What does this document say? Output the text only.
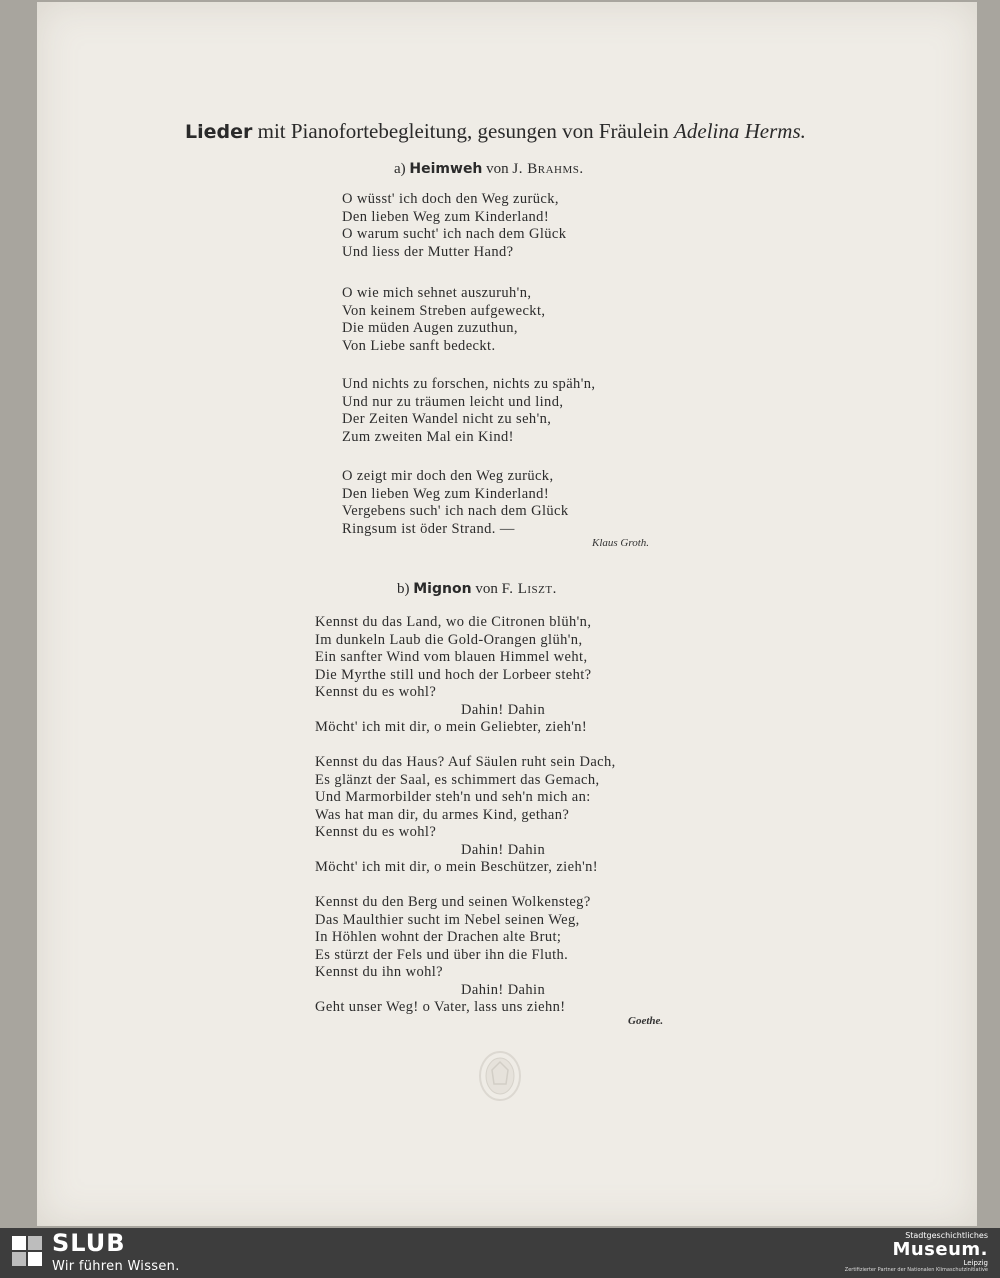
Lieder mit Pianofortebegleitung, gesungen von Fräulein Adelina Herms.
a) Heimweh von J. Brahms.
O wüsst' ich doch den Weg zurück,
Den lieben Weg zum Kinderland!
O warum sucht' ich nach dem Glück
Und liess der Mutter Hand?
O wie mich sehnet auszuruh'n,
Von keinem Streben aufgeweckt,
Die müden Augen zuzuthun,
Von Liebe sanft bedeckt.
Und nichts zu forschen, nichts zu späh'n,
Und nur zu träumen leicht und lind,
Der Zeiten Wandel nicht zu seh'n,
Zum zweiten Mal ein Kind!
O zeigt mir doch den Weg zurück,
Den lieben Weg zum Kinderland!
Vergebens such' ich nach dem Glück
Ringsum ist öder Strand. —
Klaus Groth.
b) Mignon von F. Liszt.
Kennst du das Land, wo die Citronen blüh'n,
Im dunkeln Laub die Gold-Orangen glüh'n,
Ein sanfter Wind vom blauen Himmel weht,
Die Myrthe still und hoch der Lorbeer steht?
Kennst du es wohl?
Dahin! Dahin
Möcht' ich mit dir, o mein Geliebter, zieh'n!
Kennst du das Haus? Auf Säulen ruht sein Dach,
Es glänzt der Saal, es schimmert das Gemach,
Und Marmorbilder steh'n und seh'n mich an:
Was hat man dir, du armes Kind, gethan?
Kennst du es wohl?
Dahin! Dahin
Möcht' ich mit dir, o mein Beschützer, zieh'n!
Kennst du den Berg und seinen Wolkensteg?
Das Maulthier sucht im Nebel seinen Weg,
In Höhlen wohnt der Drachen alte Brut;
Es stürzt der Fels und über ihn die Fluth.
Kennst du ihn wohl?
Dahin! Dahin
Geht unser Weg! o Vater, lass uns ziehn!
Goethe.
SLUB
Wir führen Wissen.
Stadtgeschichtliches
Museum.
Leipzig
Zertifizierter Partner der Nationalen Klimaschutzinitiative
